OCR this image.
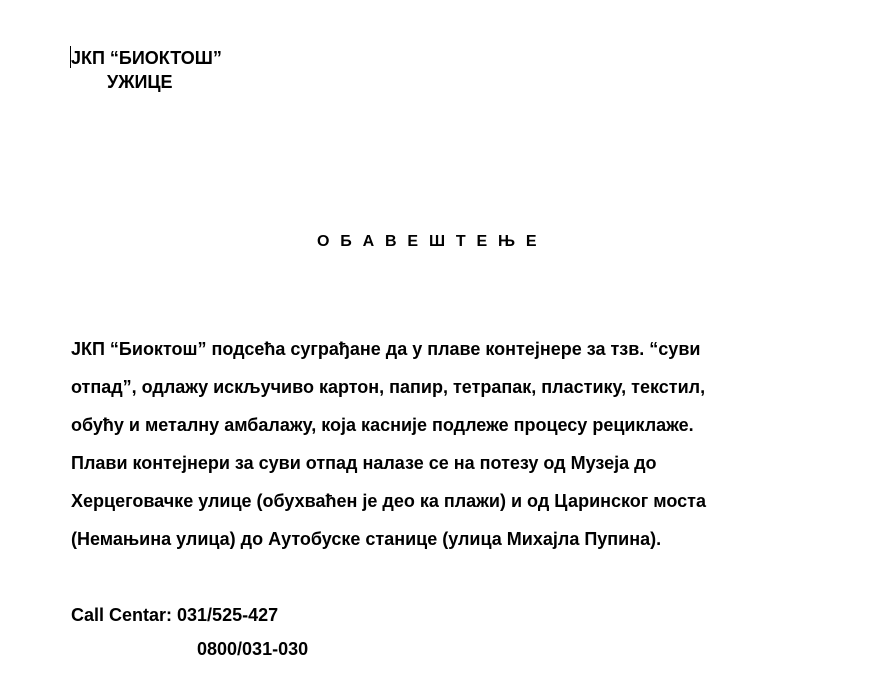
ЈКП “БИОКТОШ”
УЖИЦЕ
О Б А В Е Ш Т Е Њ Е

ЈКП “Биоктош” подсећа суграђане да у плаве контејнере за тзв. “суви

отпад”, одлажу искључиво картон, папир, тетрапак, пластику, текстил,

обућу и металну амбалажу, која касније подлеже процесу рециклаже.

Плави контејнери за суви отпад налазе се на потезу од Музеја до

Херцеговачке улице (обухваћен је део ка плажи) и од Царинског моста

(Немањина улица) до Аутобуске станице (улица Михајла Пупина).

Call Centar: 031/525-427
0800/031-030
